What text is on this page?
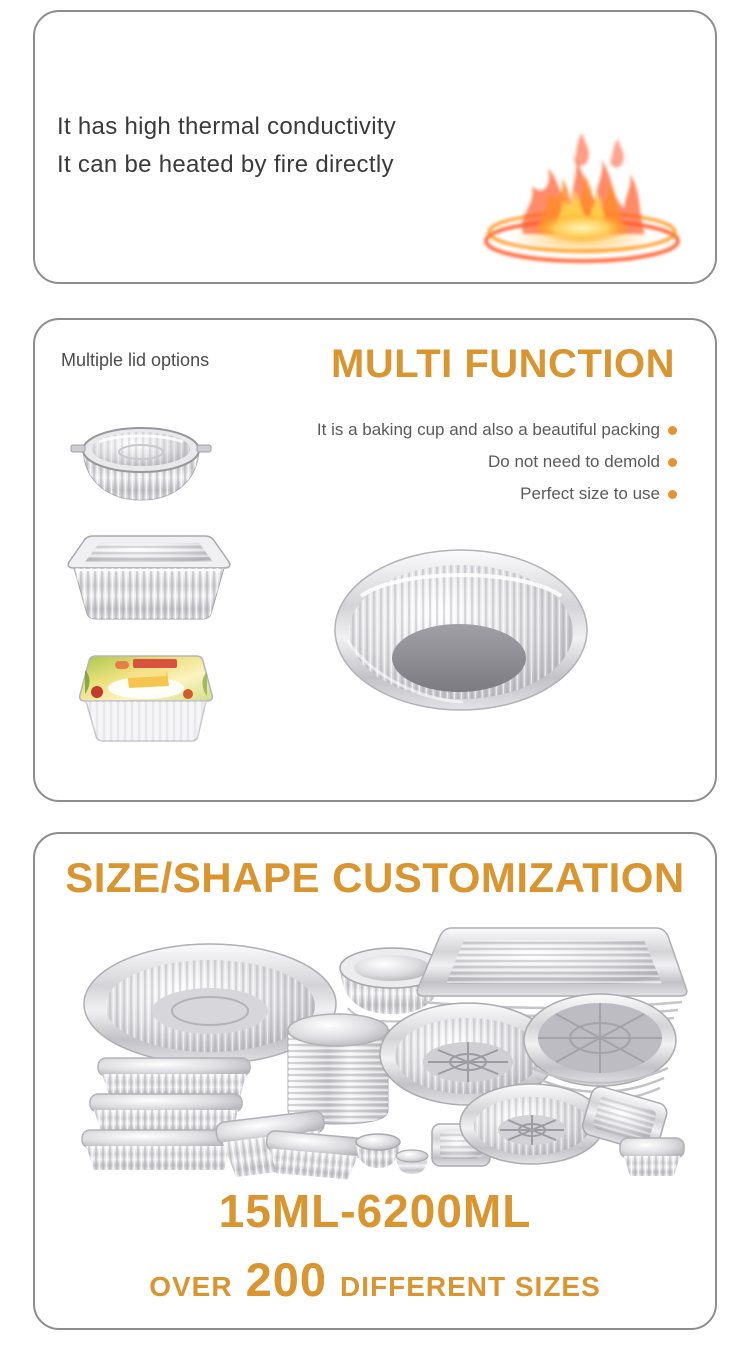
It has high thermal conductivity
It can be heated by fire directly
Multiple lid options	MULTI FUNCTION
It is a baking cup and also a beautiful packing
Do not need to demold
Perfect size to use
SIZE/SHAPE CUSTOMIZATION
15ML-6200ML
OVER 200 DIFFERENT SIZES
